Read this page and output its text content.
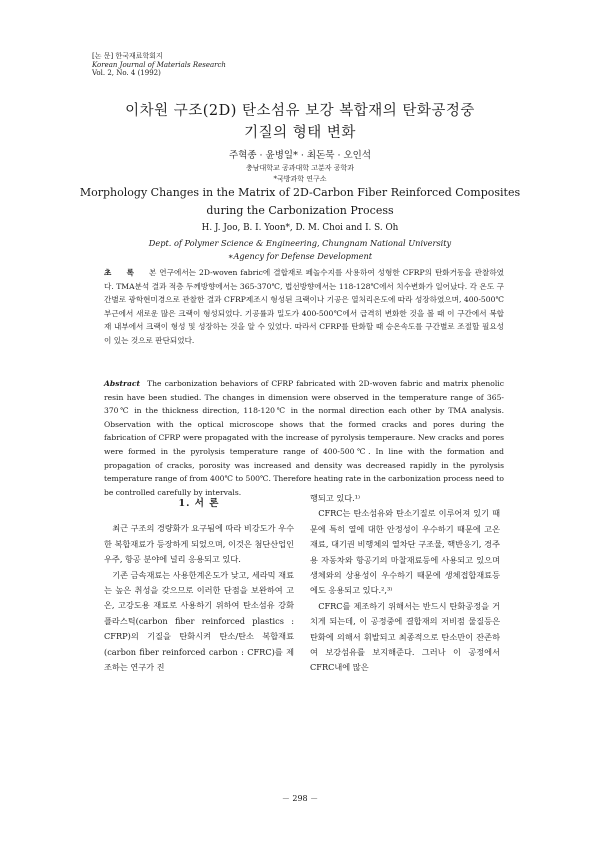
[논 문] 한국재료학회지
Korean Journal of Materials Research
Vol. 2, No. 4 (1992)
이차원 구조(2D) 탄소섬유 보강 복합재의 탄화공정중
기질의 형태 변화
주혁종 · 윤병일* · 최돈묵 · 오인석
충남대학교 공과대학 고분자 공학과
*국방과학 연구소
Morphology Changes in the Matrix of 2D-Carbon Fiber Reinforced Composites
during the Carbonization Process
H. J. Joo, B. I. Yoon*, D. M. Choi and I. S. Oh
Dept. of Polymer Science & Engineering, Chungnam National University
∗Agency for Defense Development
초 록 본 연구에서는 2D-woven fabric에 결합재로 페놀수지를 사용하여 성형한 CFRP의 탄화거동을 관찰하였다. TMA분석 결과 적층 두께방향에서는 365-370℃, 법선방향에서는 118-128℃에서 치수변화가 일어났다. 각 온도 구간별로 광학현미경으로 관찰한 결과 CFRP제조시 형성된 크랙이나 기공은 열처리온도에 따라 성장하였으며, 400-500℃부근에서 새로운 많은 크랙이 형성되었다. 기공률과 밀도가 400-500℃에서 급격히 변화한 것을 볼 때 이 구간에서 복합재 내부에서 크랙이 형성 및 성장하는 것을 알 수 있었다. 따라서 CFRP를 탄화할 때 승온속도를 구간별로 조절할 필요성이 있는 것으로 판단되었다.
Abstract The carbonization behaviors of CFRP fabricated with 2D-woven fabric and matrix phenolic resin have been studied. The changes in dimension were observed in the temperature range of 365-370℃ in the thickness direction, 118-120℃ in the normal direction each other by TMA analysis. Observation with the optical microscope shows that the formed cracks and pores during the fabrication of CFRP were propagated with the increase of pyrolysis temperaure. New cracks and pores were formed in the pyrolysis temperature range of 400-500℃. In line with the formation and propagation of cracks, porosity was increased and density was decreased rapidly in the pyrolysis temperature range of from 400℃ to 500℃. Therefore heating rate in the carbonization process need to be controlled carefully by intervals.
1. 서 론

최근 구조의 경량화가 요구됨에 따라 비강도가 우수한 복합재료가 등장하게 되었으며, 이것은 첨단산업인 우주, 항공 분야에 널리 응용되고 있다.

기존 금속재료는 사용한계온도가 낮고, 세라믹 재료는 높은 취성을 갖으므로 이러한 단점을 보완하여 고온, 고강도용 재료로 사용하기 위하여 탄소섬유 강화 플라스틱(carbon fiber reinforced plastics : CFRP)의 기질을 탄화시켜 탄소/탄소 복합재료(carbon fiber reinforced carbon : CFRC)를 제조하는 연구가 진

행되고 있다.¹⁾

CFRC는 탄소섬유와 탄소기질로 이루어져 있기 때문에 특히 열에 대한 안정성이 우수하기 때문에 고온재료, 대기권 비행체의 열차단 구조물, 핵반응기, 경주용 자동차와 항공기의 마찰재료등에 사용되고 있으며 생체와의 상용성이 우수하기 때문에 생체접합재료등에도 응용되고 있다.²,³⁾

CFRC를 제조하기 위해서는 반드시 탄화공정을 거치게 되는데, 이 공정중에 결합재의 저비점 물질등은 탄화에 의해서 휘발되고 최종적으로 탄소만이 잔존하여 보강섬유를 보지해준다. 그러나 이 공정에서 CFRC내에 많은

－ 298 －
